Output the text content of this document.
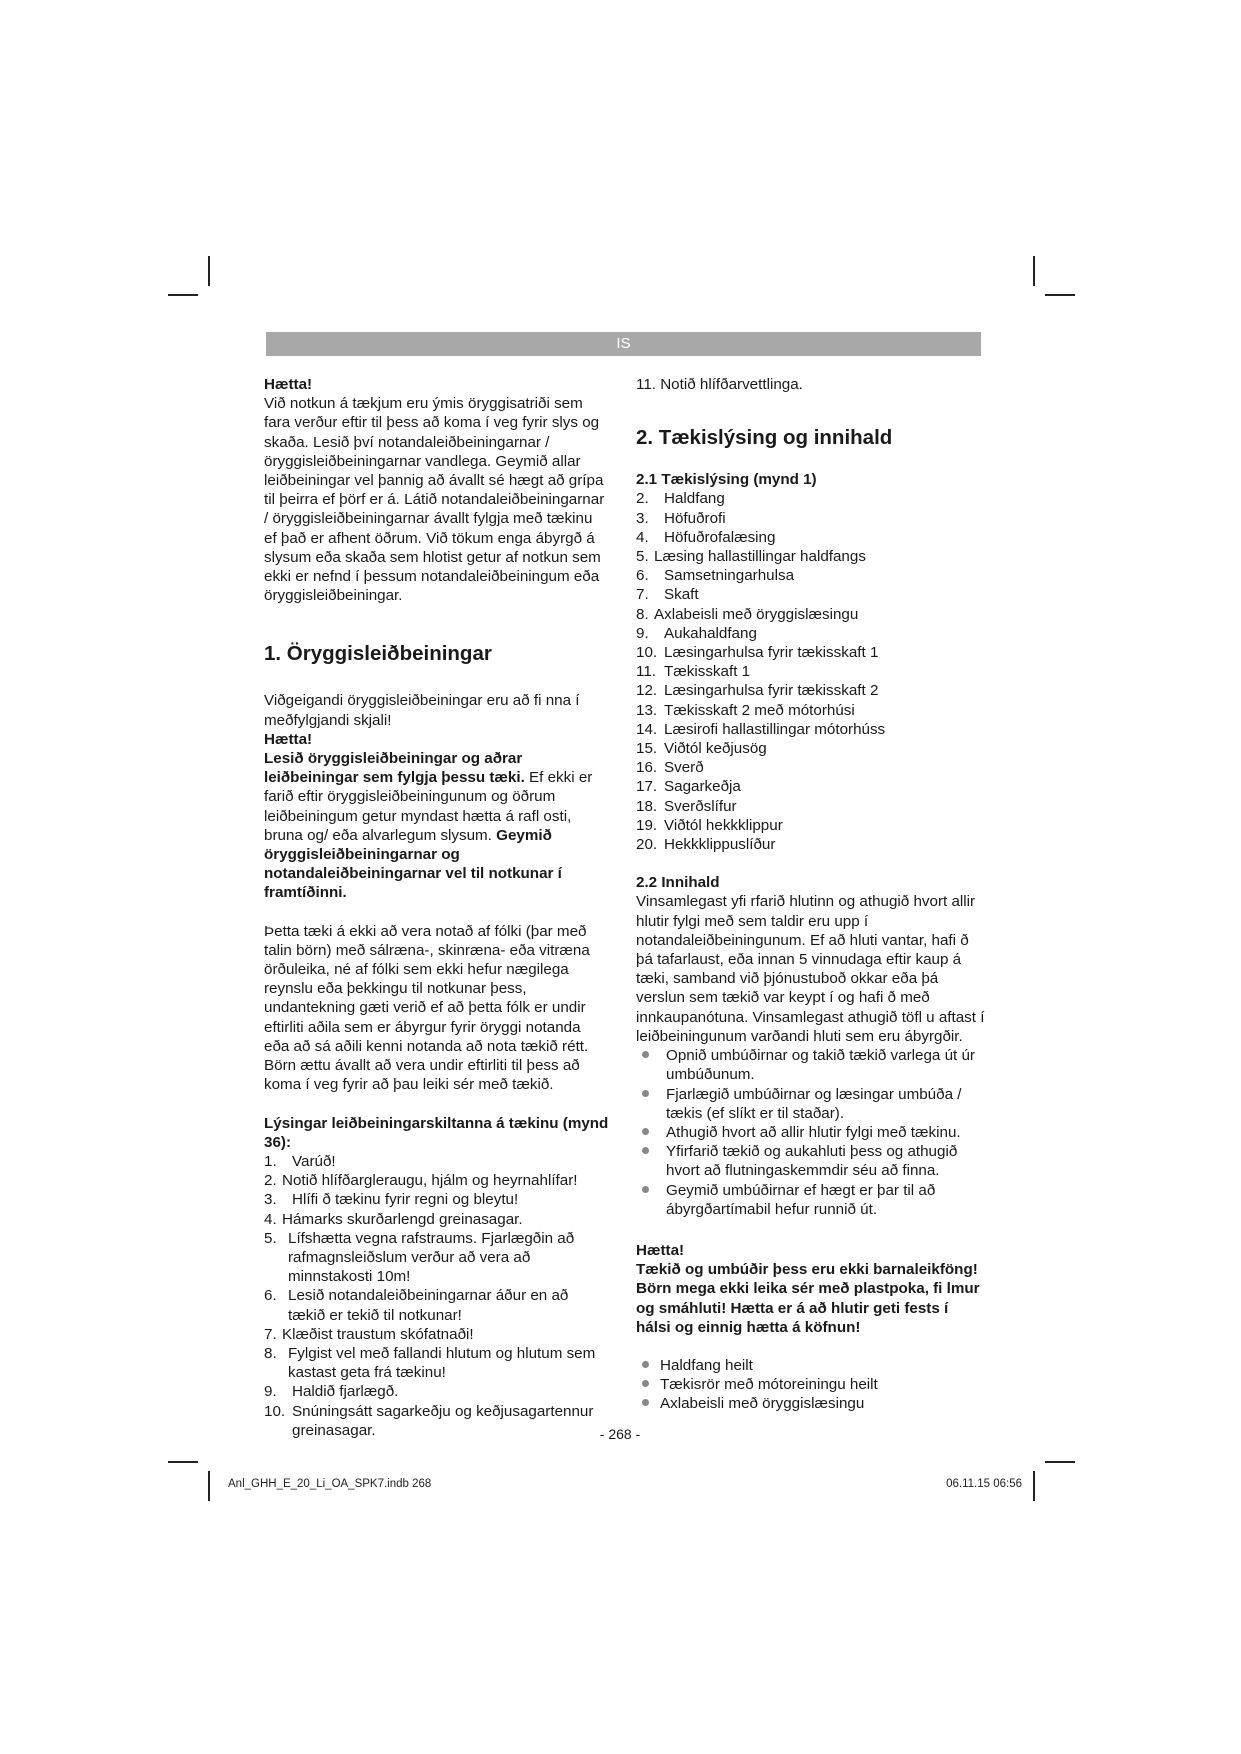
IS

Hætta!

Við notkun á tækjum eru ýmis öryggisatriði sem fara verður eftir til þess að koma í veg fyrir slys og skaða. Lesið því notandaleiðbeiningarnar / öryggisleiðbeiningarnar vandlega. Geymið allar leiðbeiningar vel þannig að ávallt sé hægt að grípa til þeirra ef þörf er á. Látið notandaleiðbeiningarnar / öryggisleiðbeiningarnar ávallt fylgja með tækinu ef það er afhent öðrum. Við tökum enga ábyrgð á slysum eða skaða sem hlotist getur af notkun sem ekki er nefnd í þessum notandaleiðbeiningum eða öryggisleiðbeiningar.

1. Öryggisleiðbeiningar

Viðgeigandi öryggisleiðbeiningar eru að fi nna í meðfylgjandi skjali!

Hætta!

Lesið öryggisleiðbeiningar og aðrar leiðbeiningar sem fylgja þessu tæki. Ef ekki er farið eftir öryggisleiðbeiningunum og öðrum leiðbeiningum getur myndast hætta á rafl osti, bruna og/ eða alvarlegum slysum. Geymið öryggisleiðbeiningarnar og notandaleiðbeiningarnar vel til notkunar í framtíðinni.

Þetta tæki á ekki að vera notað af fólki (þar með talin börn) með sálræna-, skinræna- eða vitræna örðuleika, né af fólki sem ekki hefur nægilega reynslu eða þekkingu til notkunar þess, undantekning gæti verið ef að þetta fólk er undir eftirliti aðila sem er ábyrgur fyrir öryggi notanda eða að sá aðili kenni notanda að nota tækið rétt. Börn ættu ávallt að vera undir eftirliti til þess að koma í veg fyrir að þau leiki sér með tækið.

Lýsingar leiðbeiningarskiltanna á tækinu (mynd 36):

1. Varúð!
2. Notið hlífðargleraugu, hjálm og heyrnahlífar!
3. Hlífi ð tækinu fyrir regni og bleytu!
4. Hámarks skurðarlengd greinasagar.
5. Lífshætta vegna rafstraums. Fjarlægðin að rafmagnsleiðslum verður að vera að minnstakosti 10m!
6. Lesið notandaleiðbeiningarnar áður en að tækið er tekið til notkunar!
7. Klæðist traustum skófatnaði!
8. Fylgist vel með fallandi hlutum og hlutum sem kastast geta frá tækinu!
9. Haldið fjarlægð.
10. Snúningsátt sagarkeðju og keðjusagartennur greinasagar.

11. Notið hlífðarvettlinga.

2. Tækislýsing og innihald

2.1 Tækislýsing (mynd 1)

2. Haldfang
3. Höfuðrofi
4. Höfuðrofalæsing
5. Læsing hallastillingar haldfangs
6. Samsetningarhulsa
7. Skaft
8. Axlabeisli með öryggislæsingu
9. Aukahaldfang
10. Læsingarhulsa fyrir tækisskaft 1
11. Tækisskaft 1
12. Læsingarhulsa fyrir tækisskaft 2
13. Tækisskaft 2 með mótorhúsi
14. Læsirofi hallastillingar mótorhúss
15. Viðtól keðjusög
16. Sverð
17. Sagarkeðja
18. Sverðslífur
19. Viðtól hekkklippur
20. Hekkklippuslíður

2.2 Innihald

Vinsamlegast yfi rfarið hlutinn og athugið hvort allir hlutir fylgi með sem taldir eru upp í notandaleiðbeiningunum. Ef að hluti vantar, hafi ð þá tafarlaust, eða innan 5 vinnudaga eftir kaup á tæki, samband við þjónustuboð okkar eða þá verslun sem tækið var keypt í og hafi ð með innkaupanótuna. Vinsamlegast athugið töfl u aftast í leiðbeiningunum varðandi hluti sem eru ábyrgðir.

Opnið umbúðirnar og takið tækið varlega út úr umbúðunum.
Fjarlægið umbúðirnar og læsingar umbúða / tækis (ef slíkt er til staðar).
Athugið hvort að allir hlutir fylgi með tækinu.
Yfirfarið tækið og aukahluti þess og athugið hvort að flutningaskemmdir séu að finna.
Geymið umbúðirnar ef hægt er þar til að ábyrgðartímabil hefur runnið út.

Hætta!

Tækið og umbúðir þess eru ekki barnaleikföng! Börn mega ekki leika sér með plastpoka, fi lmur og smáhluti! Hætta er á að hlutir geti fests í hálsi og einnig hætta á köfnun!

Haldfang heilt
Tækisrör með mótoreiningu heilt
Axlabeisli með öryggislæsingu
- 268 -
Anl_GHH_E_20_Li_OA_SPK7.indb 268	06.11.15 06:56
